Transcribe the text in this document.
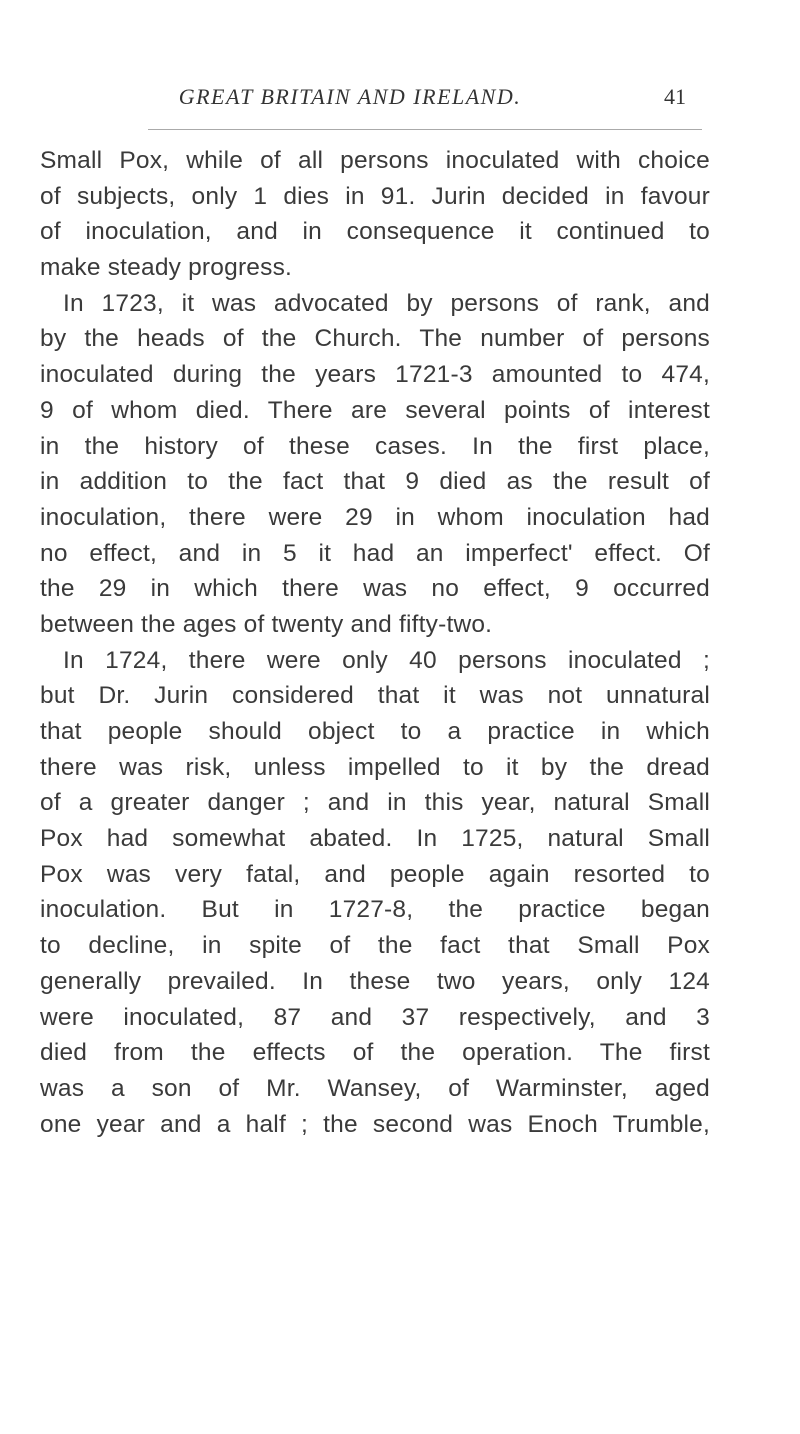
GREAT BRITAIN AND IRELAND.	41
Small Pox, while of all persons inoculated with choice
of subjects, only 1 dies in 91. Jurin decided in favour
of inoculation, and in consequence it continued to
make steady progress.
In 1723, it was advocated by persons of rank, and
by the heads of the Church. The number of persons
inoculated during the years 1721-3 amounted to 474,
9 of whom died. There are several points of interest
in the history of these cases. In the first place,
in addition to the fact that 9 died as the result of
inoculation, there were 29 in whom inoculation had
no effect, and in 5 it had an imperfect' effect. Of
the 29 in which there was no effect, 9 occurred
between the ages of twenty and fifty-two.
In 1724, there were only 40 persons inoculated ;
but Dr. Jurin considered that it was not unnatural
that people should object to a practice in which
there was risk, unless impelled to it by the dread
of a greater danger ; and in this year, natural Small
Pox had somewhat abated. In 1725, natural Small
Pox was very fatal, and people again resorted to
inoculation. But in 1727-8, the practice began
to decline, in spite of the fact that Small Pox
generally prevailed. In these two years, only 124
were inoculated, 87 and 37 respectively, and 3
died from the effects of the operation. The first
was a son of Mr. Wansey, of Warminster, aged
one year and a half ; the second was Enoch Trumble,
